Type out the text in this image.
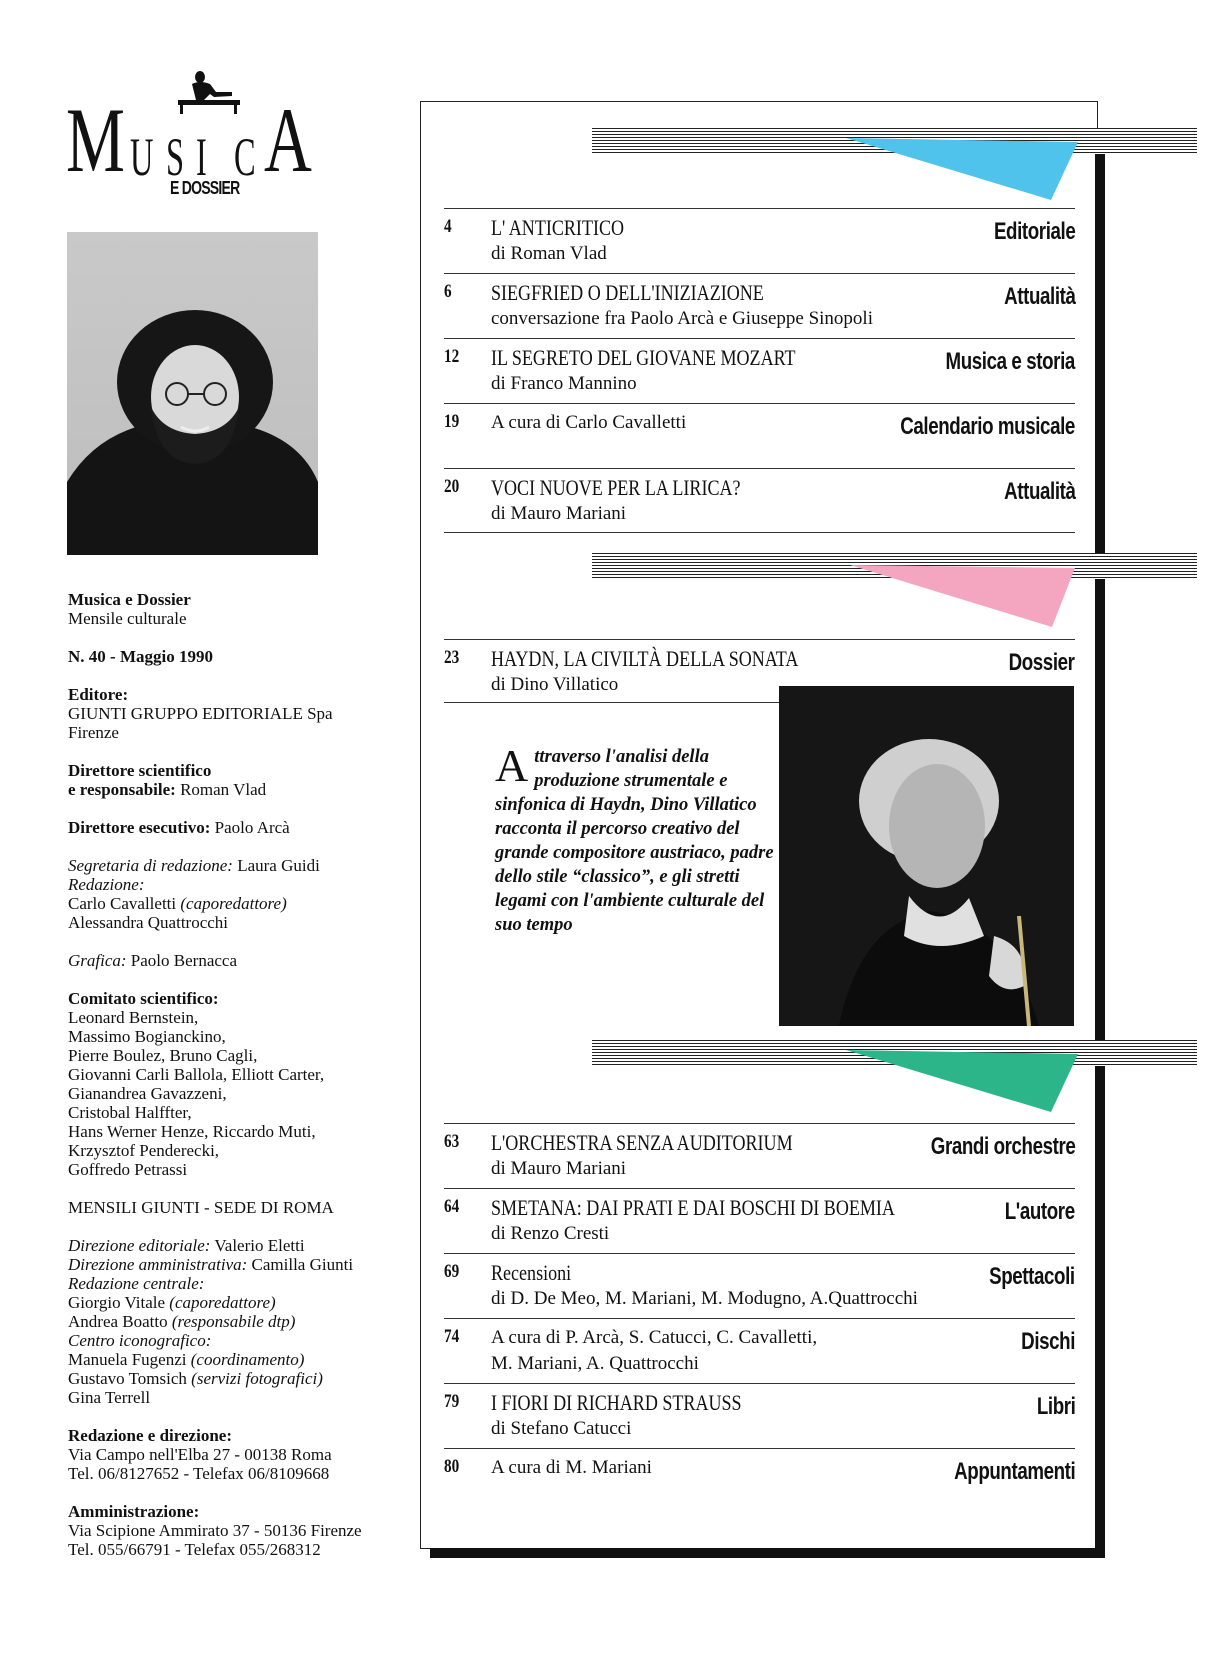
M U S I C A
E DOSSIER
Musica e Dossier
Mensile culturale
N. 40 - Maggio 1990
Editore:
GIUNTI GRUPPO EDITORIALE Spa
Firenze
Direttore scientifico
e responsabile: Roman Vlad
Direttore esecutivo: Paolo Arcà
Segretaria di redazione: Laura Guidi
Redazione:
Carlo Cavalletti (caporedattore)
Alessandra Quattrocchi
Grafica: Paolo Bernacca
Comitato scientifico:
Leonard Bernstein,
Massimo Bogianckino,
Pierre Boulez, Bruno Cagli,
Giovanni Carli Ballola, Elliott Carter,
Gianandrea Gavazzeni,
Cristobal Halffter,
Hans Werner Henze, Riccardo Muti,
Krzysztof Penderecki,
Goffredo Petrassi
MENSILI GIUNTI - SEDE DI ROMA
Direzione editoriale: Valerio Eletti
Direzione amministrativa: Camilla Giunti
Redazione centrale:
Giorgio Vitale (caporedattore)
Andrea Boatto (responsabile dtp)
Centro iconografico:
Manuela Fugenzi (coordinamento)
Gustavo Tomsich (servizi fotografici)
Gina Terrell
Redazione e direzione:
Via Campo nell'Elba 27 - 00138 Roma
Tel. 06/8127652 - Telefax 06/8109668
Amministrazione:
Via Scipione Ammirato 37 - 50136 Firenze
Tel. 055/66791 - Telefax 055/268312
4 L' ANTICRITICO
di Roman Vlad
Editoriale
6 SIEGFRIED O DELL'INIZIAZIONE
conversazione fra Paolo Arcà e Giuseppe Sinopoli
Attualità
12 IL SEGRETO DEL GIOVANE MOZART
di Franco Mannino
Musica e storia
19 A cura di Carlo Cavalletti	Calendario musicale
20 VOCI NUOVE PER LA LIRICA?
di Mauro Mariani
Attualità
23 HAYDN, LA CIVILTÀ DELLA SONATA
di Dino Villatico
Dossier
Attraverso l'analisi della produzione strumentale e sinfonica di Haydn, Dino Villatico racconta il percorso creativo del grande compositore austriaco, padre dello stile “classico”, e gli stretti legami con l'ambiente culturale del suo tempo
63 L'ORCHESTRA SENZA AUDITORIUM
di Mauro Mariani
Grandi orchestre
64 SMETANA: DAI PRATI E DAI BOSCHI DI BOEMIA
di Renzo Cresti
L'autore
69 Recensioni
di D. De Meo, M. Mariani, M. Modugno, A.Quattrocchi
Spettacoli
74 A cura di P. Arcà, S. Catucci, C. Cavalletti,
M. Mariani, A. Quattrocchi
Dischi
79 I FIORI DI RICHARD STRAUSS
di Stefano Catucci
Libri
80 A cura di M. Mariani	Appuntamenti
